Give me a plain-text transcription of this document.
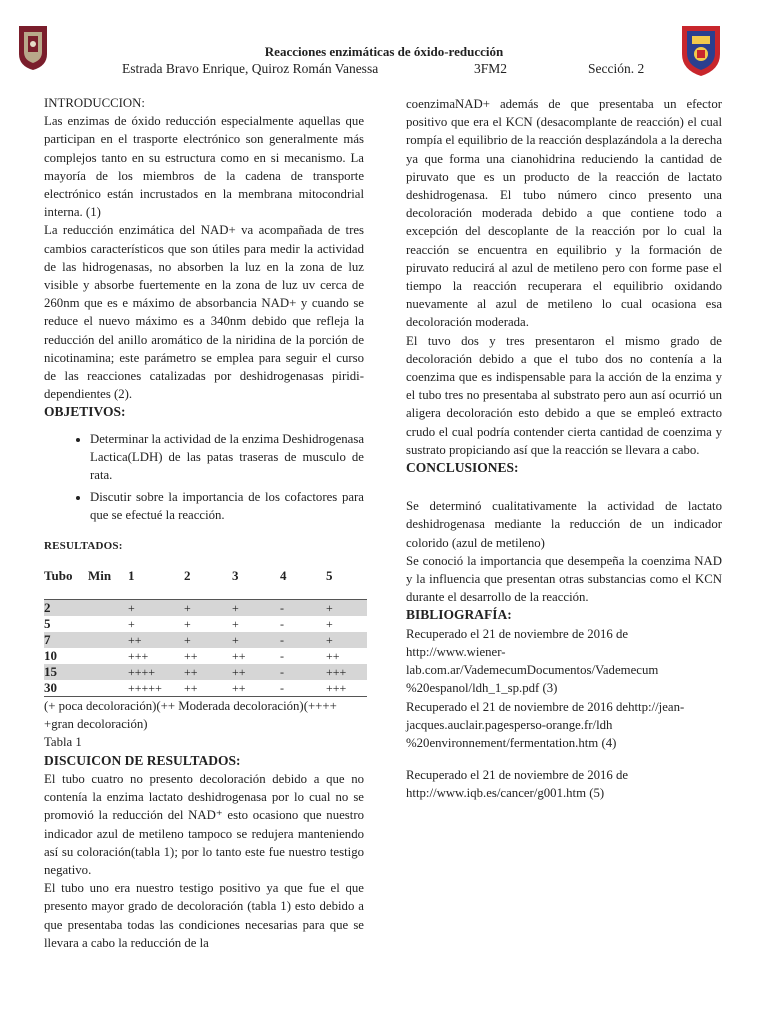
Reacciones enzimáticas de óxido-reducción
Estrada Bravo Enrique, Quiroz Román Vanessa	3FM2	Sección. 2

INTRODUCCION:

Las enzimas de óxido reducción especialmente aquellas que participan en el trasporte electrónico son generalmente más complejos tanto en su estructura como en si mecanismo. La mayoría de los miembros de la cadena de transporte electrónico están incrustados en la membrana mitocondrial interna. (1)

La reducción enzimática del NAD+ va acompañada de tres cambios característicos que son útiles para medir la actividad de las hidrogenasas, no absorben la luz en la zona de luz visible y absorbe fuertemente en la zona de luz uv cerca de 260nm que es e máximo de absorbancia NAD+ y cuando se reduce el nuevo máximo es a 340nm debido que refleja la reducción del anillo aromático de la niridina de la porción de nicotinamina; este parámetro se emplea para seguir el curso de las reacciones catalizadas por deshidrogenasas piridi-dependientes (2).

OBJETIVOS:

• Determinar la actividad de la enzima Deshidrogenasa Lactica(LDH) de las patas traseras de musculo de rata.
• Discutir sobre la importancia de los cofactores para que se efectué la reacción.
RESULTADOS:
Tubo	Min	1	2	3	4	5
2		+	+	+	-	+
5		+	+	+	-	+
7		++	+	+	-	+
10		+++	++	++	-	++
15		++++	++	++	-	+++
30		+++++	++	++	-	+++

(+ poca decoloración)(++ Moderada decoloración)(++++ +gran decoloración)

Tabla 1

DISCUICON DE RESULTADOS:

El tubo cuatro no presento decoloración debido a que no contenía la enzima lactato deshidrogenasa por lo cual no se promovió la reducción del NAD⁺ esto ocasiono que nuestro indicador azul de metileno tampoco se redujera manteniendo así su coloración(tabla 1); por lo tanto este fue nuestro testigo negativo.

El tubo uno era nuestro testigo positivo ya que fue el que presento mayor grado de decoloración (tabla 1) esto debido a que presentaba todas las condiciones necesarias para que se llevara a cabo la reducción de la

coenzimaNAD+ además de que presentaba un efector positivo que era el KCN (desacomplante de reacción) el cual rompía el equilibrio de la reacción desplazándola a la derecha ya que forma una cianohidrina reduciendo la cantidad de piruvato que es un producto de la reacción de lactato deshidrogenasa. El tubo número cinco presento una decoloración moderada debido a que contiene todo a excepción del descoplante de la reacción por lo cual la reacción se encuentra en equilibrio y la formación de piruvato reducirá al azul de metileno pero con forme pase el tiempo la reacción recuperara el equilibrio oxidando nuevamente al azul de metileno lo cual ocasiona esa decoloración moderada.

El tuvo dos y tres presentaron el mismo grado de decoloración debido a que el tubo dos no contenía a la coenzima que es indispensable para la acción de la enzima y el tubo tres no presentaba al substrato pero aun así ocurrió un aligera decoloración esto debido a que se empleó extracto crudo el cual podría contender cierta cantidad de coenzima y sustrato propiciando así que la reacción se llevara a cabo.

CONCLUSIONES:

Se determinó cualitativamente la actividad de lactato deshidrogenasa mediante la reducción de un indicador colorido (azul de metileno)

Se conoció la importancia que desempeña la coenzima NAD y la influencia que presentan otras substancias como el KCN durante el desarrollo de la reacción.

BIBLIOGRAFÍA:

Recuperado el 21 de noviembre de 2016 de
http://www.wiener-
lab.com.ar/VademecumDocumentos/Vademecum
%20espanol/ldh_1_sp.pdf (3)

Recuperado el 21 de noviembre de 2016 dehttp://jean-
jacques.auclair.pagesperso-orange.fr/ldh
%20environnement/fermentation.htm (4)

Recuperado el 21 de noviembre de 2016 de
http://www.iqb.es/cancer/g001.htm (5)
